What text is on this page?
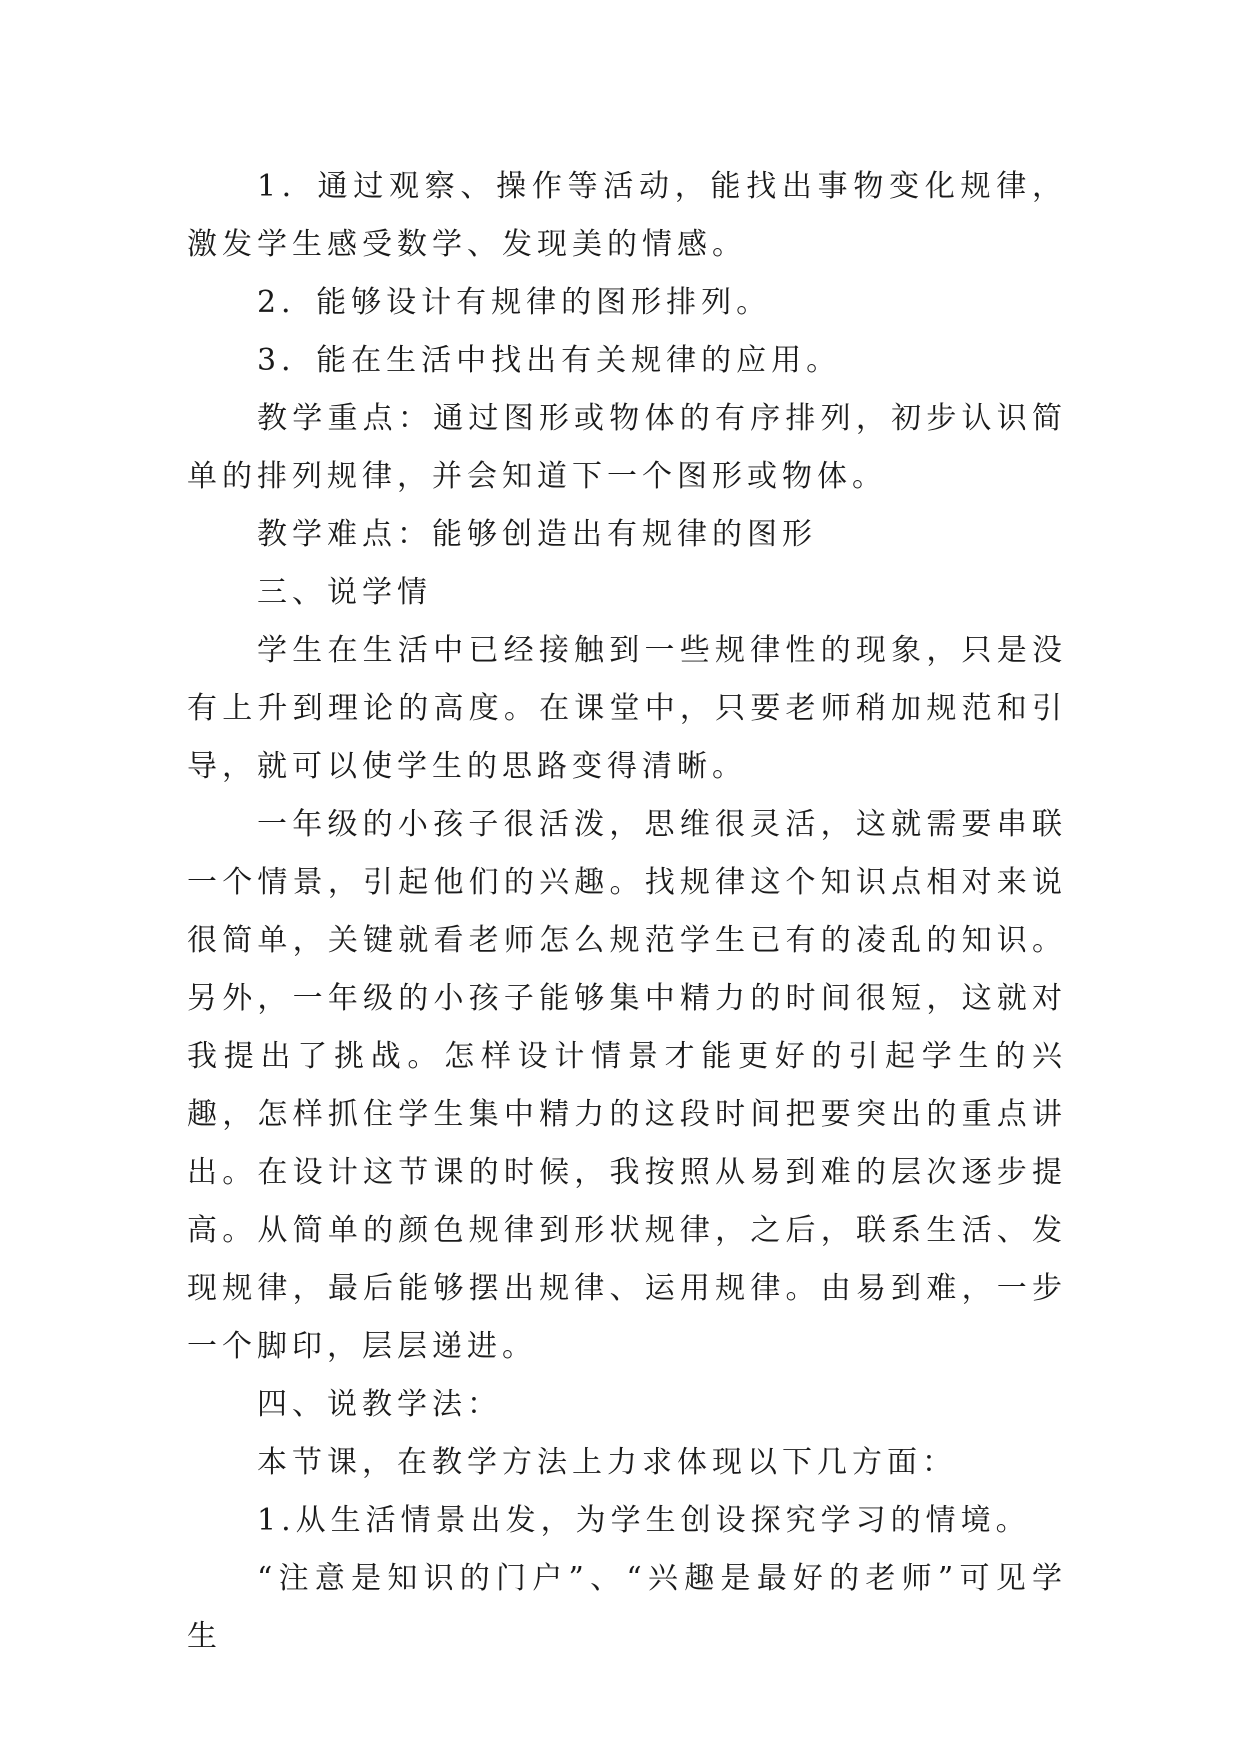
1．通过观察、操作等活动，能找出事物变化规律，激发学生感受数学、发现美的情感。

2．能够设计有规律的图形排列。

3．能在生活中找出有关规律的应用。

教学重点：通过图形或物体的有序排列，初步认识简单的排列规律，并会知道下一个图形或物体。

教学难点：能够创造出有规律的图形

三、说学情

学生在生活中已经接触到一些规律性的现象，只是没有上升到理论的高度。在课堂中，只要老师稍加规范和引导，就可以使学生的思路变得清晰。

一年级的小孩子很活泼，思维很灵活，这就需要串联一个情景，引起他们的兴趣。找规律这个知识点相对来说很简单，关键就看老师怎么规范学生已有的凌乱的知识。另外，一年级的小孩子能够集中精力的时间很短，这就对我提出了挑战。怎样设计情景才能更好的引起学生的兴趣，怎样抓住学生集中精力的这段时间把要突出的重点讲出。在设计这节课的时候，我按照从易到难的层次逐步提高。从简单的颜色规律到形状规律，之后，联系生活、发现规律，最后能够摆出规律、运用规律。由易到难，一步一个脚印，层层递进。

四、说教学法：

本节课，在教学方法上力求体现以下几方面：

1.从生活情景出发，为学生创设探究学习的情境。

“注意是知识的门户”、“兴趣是最好的老师”可见学生
